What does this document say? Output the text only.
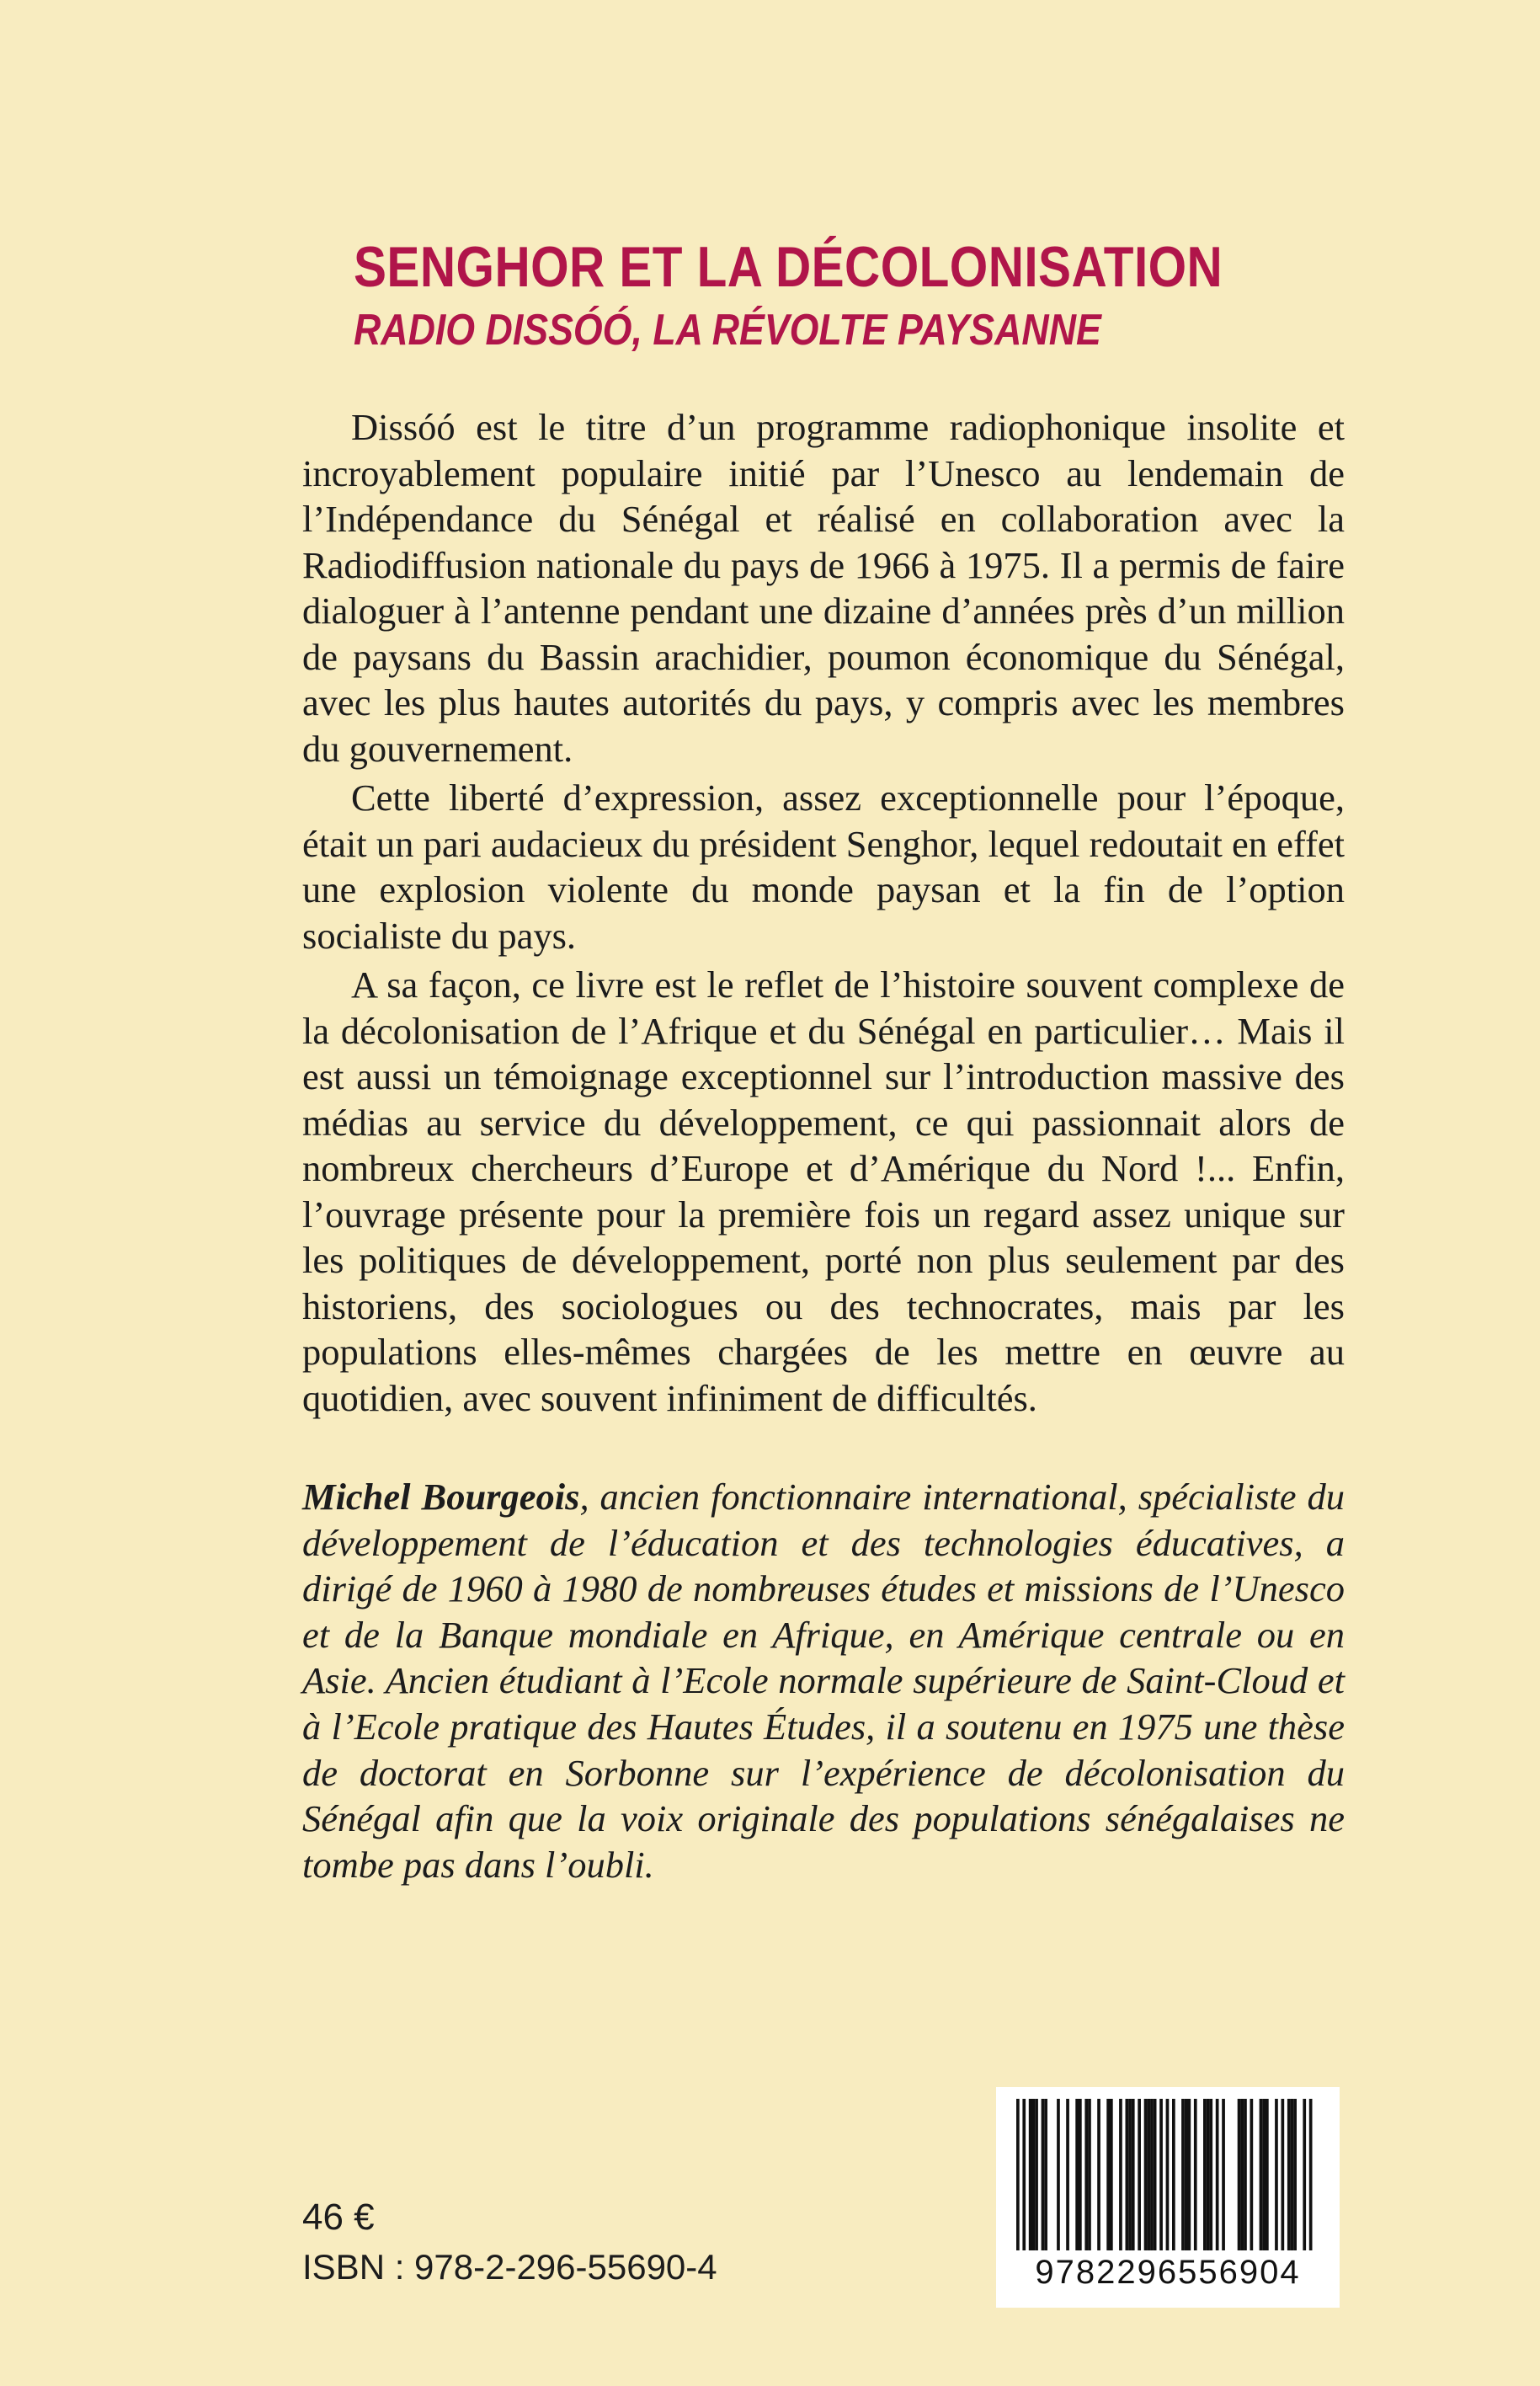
SENGHOR ET LA DÉCOLONISATION
RADIO DISSÓÓ, LA RÉVOLTE PAYSANNE

Dissóó est le titre d’un programme radiophonique insolite et incroyablement populaire initié par l’Unesco au lendemain de l’Indépendance du Sénégal et réalisé en collaboration avec la Radiodiffusion nationale du pays de 1966 à 1975. Il a permis de faire dialoguer à l’antenne pendant une dizaine d’années près d’un million de paysans du Bassin arachidier, poumon économique du Sénégal, avec les plus hautes autorités du pays, y compris avec les membres du gouvernement.

Cette liberté d’expression, assez exceptionnelle pour l’époque, était un pari audacieux du président Senghor, lequel redoutait en effet une explosion violente du monde paysan et la fin de l’option socialiste du pays.

A sa façon, ce livre est le reflet de l’histoire souvent complexe de la décolonisation de l’Afrique et du Sénégal en particulier… Mais il est aussi un témoignage exceptionnel sur l’introduction massive des médias au service du développement, ce qui passionnait alors de nombreux chercheurs d’Europe et d’Amérique du Nord !... Enfin, l’ouvrage présente pour la première fois un regard assez unique sur les politiques de développement, porté non plus seulement par des historiens, des sociologues ou des technocrates, mais par les populations elles-mêmes chargées de les mettre en œuvre au quotidien, avec souvent infiniment de difficultés.

Michel Bourgeois, ancien fonctionnaire international, spécialiste du développement de l’éducation et des technologies éducatives, a dirigé de 1960 à 1980 de nombreuses études et missions de l’Unesco et de la Banque mondiale en Afrique, en Amérique centrale ou en Asie. Ancien étudiant à l’Ecole normale supérieure de Saint-Cloud et à l’Ecole pratique des Hautes Études, il a soutenu en 1975 une thèse de doctorat en Sorbonne sur l’expérience de décolonisation du Sénégal afin que la voix originale des populations sénégalaises ne tombe pas dans l’oubli.

46 €
ISBN : 978-2-296-55690-4	9782296556904
